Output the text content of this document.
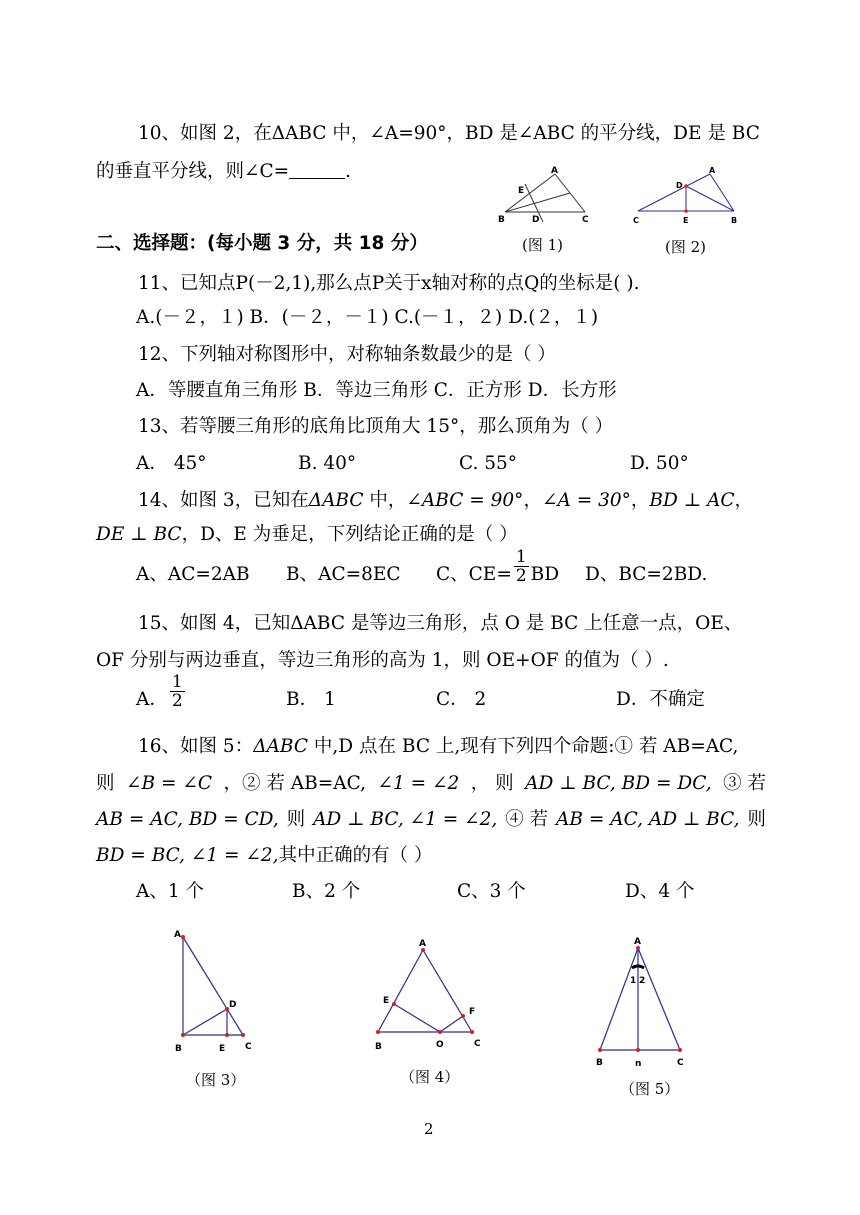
10、如图 2，在ΔABC 中，∠A=90°，BD 是∠ABC 的平分线，DE 是 BC
的垂直平分线，则∠C=	.	A
E
B	D	C
(图 1)
A
D
C	E	B
(图 2)
二、选择题：(每小题 3 分，共 18 分）
11、已知点P(－2,1),那么点P关于x轴对称的点Q的坐标是( ).
A.(－２，１) B．(－２，－１) C.(－１，２) D.(２，１)
12、下列轴对称图形中，对称轴条数最少的是（ ）
A．等腰直角三角形 B．等边三角形 C．正方形 D．长方形
13、若等腰三角形的底角比顶角大 15°，那么顶角为（ ）
A． 45°	B. 40°	C. 55°	D. 50°
14、如图 3，已知在ΔABC 中，∠ABC = 90°，∠A = 30°，BD ⊥ AC，
DE ⊥ BC，D、E 为垂足，下列结论正确的是（ ）
A、AC=2AB B、AC=8EC C、$CE= \frac{1}{2}$ BD D、BC=2BD.
15、如图 4，已知ΔABC 是等边三角形，点 O 是 BC 上任意一点，OE、
OF 分别与两边垂直，等边三角形的高为 1，则 OE+OF 的值为（ ）.
A． $\frac{1}{2}$	B． 1	C． 2	D．不确定
16、如图 5：ΔABC 中,D 点在 BC 上,现有下列四个命题:① 若 AB=AC,
则 ∠B = ∠C ，② 若 AB=AC, ∠1 = ∠2 ， 则 AD ⊥ BC, BD = DC, ③ 若
AB = AC, BD = CD, 则 AD ⊥ BC, ∠1 = ∠2, ④ 若 AB = AC, AD ⊥ BC, 则
BD = BC, ∠1 = ∠2,其中正确的有（ ）
A、1 个	B、2 个	C、3 个	D、4 个
A
D
B	E C
（图 3）
A
E
F
B	O	C
（图 4）
A
1 2
B	n	C
（图 5）
2
